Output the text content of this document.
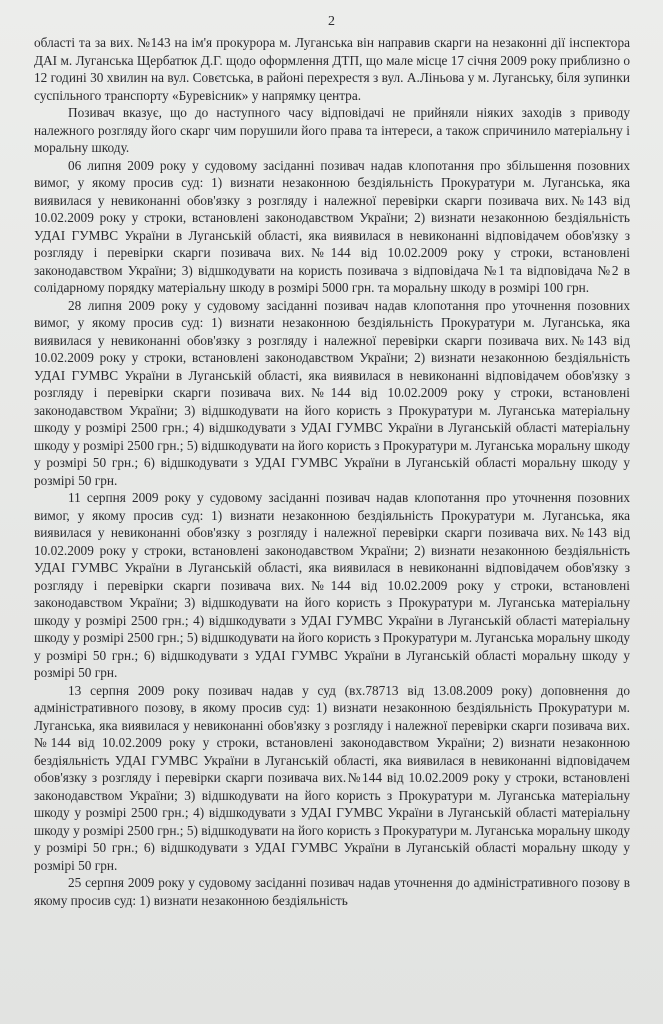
2

області та за вих. №143 на ім'я прокурора м. Луганська він направив скарги на незаконні дії інспектора ДАІ м. Луганська Щербатюк Д.Г. щодо оформлення ДТП, що мале місце 17 січня 2009 року приблизно о 12 годині 30 хвилин на вул. Совєтська, в районі перехрестя з вул. А.Ліньова у м. Луганську, біля зупинки суспільного транспорту «Буревісник» у напрямку центра.

Позивач вказує, що до наступного часу відповідачі не прийняли ніяких заходів з приводу належного розгляду його скарг чим порушили його права та інтереси, а також спричинило матеріальну і моральну шкоду.

06 липня 2009 року у судовому засіданні позивач надав клопотання про збільшення позовних вимог, у якому просив суд: 1) визнати незаконною бездіяльність Прокуратури м. Луганська, яка виявилася у невиконанні обов'язку з розгляду і належної перевірки скарги позивача вих.№143 від 10.02.2009 року у строки, встановлені законодавством України; 2) визнати незаконною бездіяльність УДАІ ГУМВС України в Луганській області, яка виявилася в невиконанні відповідачем обов'язку з розгляду і перевірки скарги позивача вих.№144 від 10.02.2009 року у строки, встановлені законодавством України; 3) відшкодувати на користь позивача з відповідача №1 та відповідача №2 в солідарному порядку матеріальну шкоду в розмірі 5000 грн. та моральну шкоду в розмірі 100 грн.

28 липня 2009 року у судовому засіданні позивач надав клопотання про уточнення позовних вимог, у якому просив суд: 1) визнати незаконною бездіяльність Прокуратури м. Луганська, яка виявилася у невиконанні обов'язку з розгляду і належної перевірки скарги позивача вих.№143 від 10.02.2009 року у строки, встановлені законодавством України; 2) визнати незаконною бездіяльність УДАІ ГУМВС України в Луганській області, яка виявилася в невиконанні відповідачем обов'язку з розгляду і перевірки скарги позивача вих.№144 від 10.02.2009 року у строки, встановлені законодавством України; 3) відшкодувати на його користь з Прокуратури м. Луганська матеріальну шкоду у розмірі 2500 грн.; 4) відшкодувати з УДАІ ГУМВС України в Луганській області матеріальну шкоду у розмірі 2500 грн.; 5) відшкодувати на його користь з Прокуратури м. Луганська моральну шкоду у розмірі 50 грн.; 6) відшкодувати з УДАІ ГУМВС України в Луганській області моральну шкоду у розмірі 50 грн.

11 серпня 2009 року у судовому засіданні позивач надав клопотання про уточнення позовних вимог, у якому просив суд: 1) визнати незаконною бездіяльність Прокуратури м. Луганська, яка виявилася у невиконанні обов'язку з розгляду і належної перевірки скарги позивача вих.№143 від 10.02.2009 року у строки, встановлені законодавством України; 2) визнати незаконною бездіяльність УДАІ ГУМВС України в Луганській області, яка виявилася в невиконанні відповідачем обов'язку з розгляду і перевірки скарги позивача вих.№144 від 10.02.2009 року у строки, встановлені законодавством України; 3) відшкодувати на його користь з Прокуратури м. Луганська матеріальну шкоду у розмірі 2500 грн.; 4) відшкодувати з УДАІ ГУМВС України в Луганській області матеріальну шкоду у розмірі 2500 грн.; 5) відшкодувати на його користь з Прокуратури м. Луганська моральну шкоду у розмірі 50 грн.; 6) відшкодувати з УДАІ ГУМВС України в Луганській області моральну шкоду у розмірі 50 грн.

13 серпня 2009 року позивач надав у суд (вх.78713 від 13.08.2009 року) доповнення до адміністративного позову, в якому просив суд: 1) визнати незаконною бездіяльність Прокуратури м. Луганська, яка виявилася у невиконанні обов'язку з розгляду і належної перевірки скарги позивача вих.№144 від 10.02.2009 року у строки, встановлені законодавством України; 2) визнати незаконною бездіяльність УДАІ ГУМВС України в Луганській області, яка виявилася в невиконанні відповідачем обов'язку з розгляду і перевірки скарги позивача вих.№144 від 10.02.2009 року у строки, встановлені законодавством України; 3) відшкодувати на його користь з Прокуратури м. Луганська матеріальну шкоду у розмірі 2500 грн.; 4) відшкодувати з УДАІ ГУМВС України в Луганській області матеріальну шкоду у розмірі 2500 грн.; 5) відшкодувати на його користь з Прокуратури м. Луганська моральну шкоду у розмірі 50 грн.; 6) відшкодувати з УДАІ ГУМВС України в Луганській області моральну шкоду у розмірі 50 грн.

25 серпня 2009 року у судовому засіданні позивач надав уточнення до адміністративного позову в якому просив суд: 1) визнати незаконною бездіяльність
